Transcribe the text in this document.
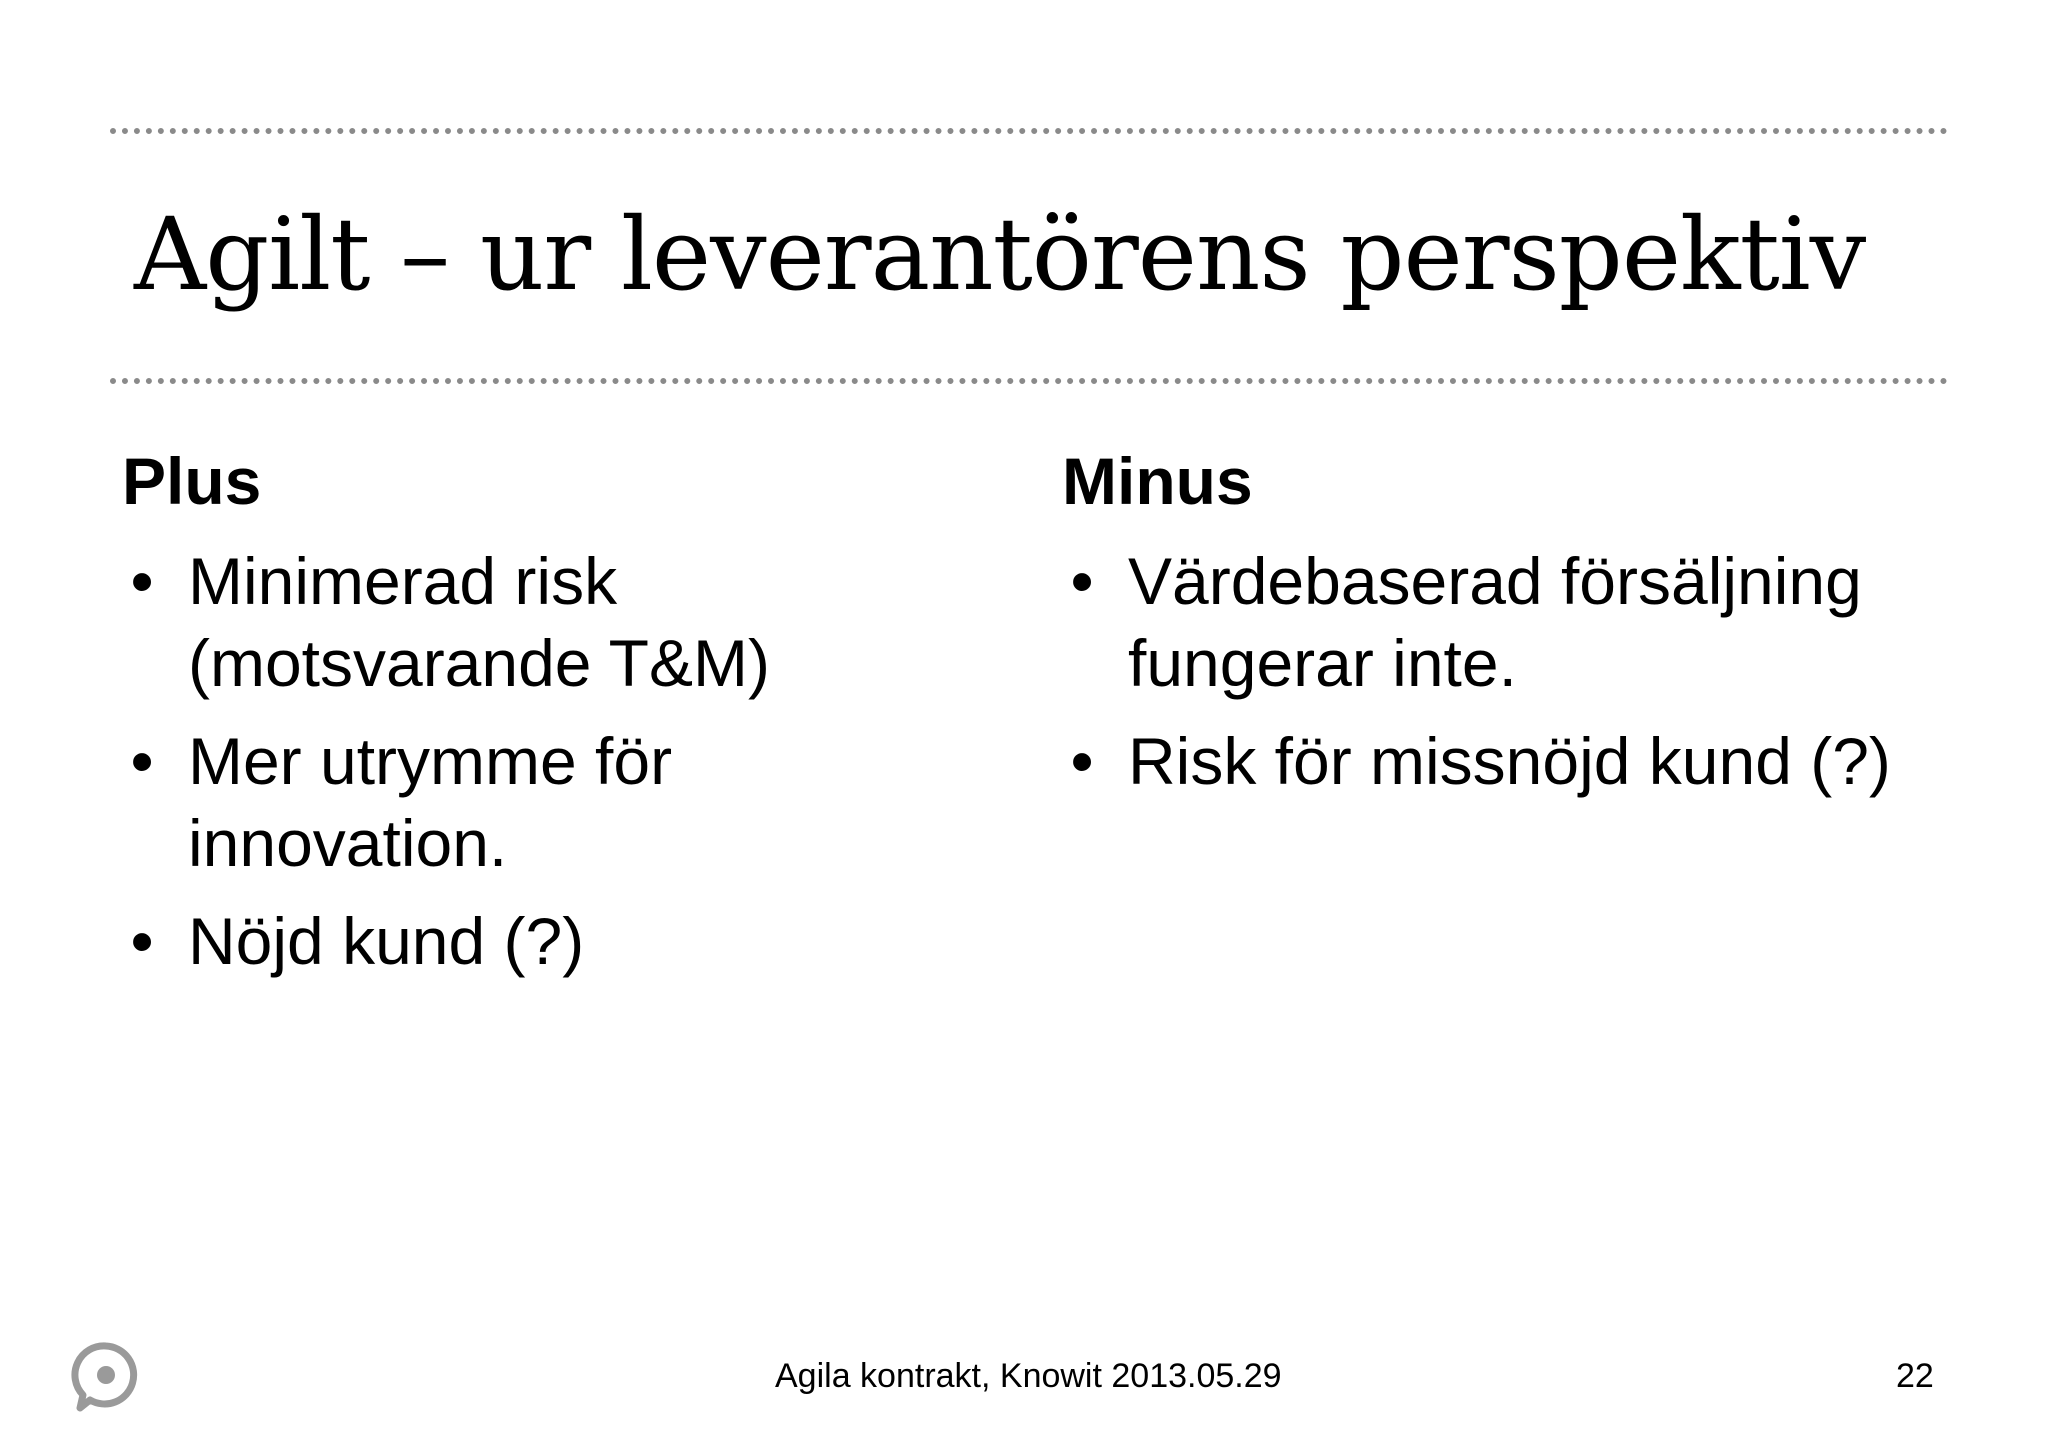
Agilt – ur leverantörens perspektiv
Plus
• Minimerad risk (motsvarande T&M)
• Mer utrymme för innovation.
• Nöjd kund (?)
Minus
• Värdebaserad försäljning fungerar inte.
• Risk för missnöjd kund (?)
Agila kontrakt, Knowit 2013.05.29	22
